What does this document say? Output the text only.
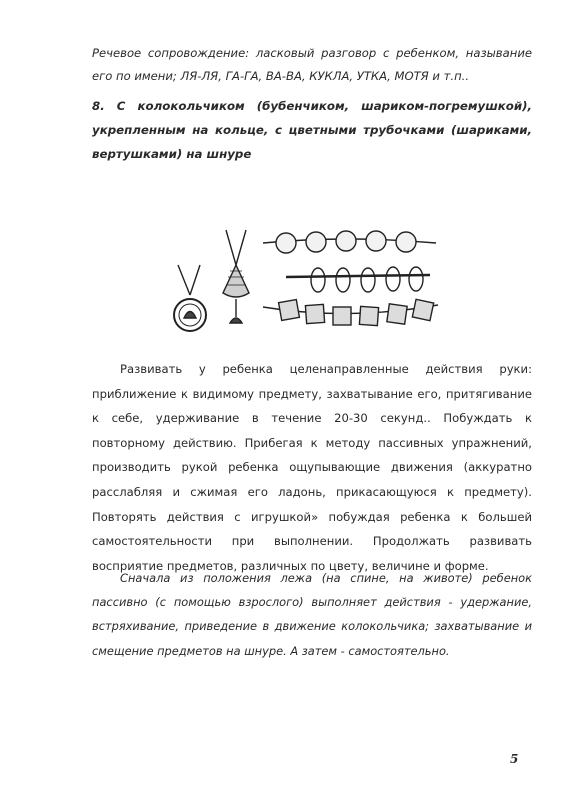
Речевое сопровождение: ласковый разговор с ребенком, называние его по имени; ЛЯ-ЛЯ, ГА-ГА, ВА-ВА, КУКЛА, УТКА, МОТЯ и т.п..
8. С колокольчиком (бубенчиком, шариком-погремушкой), укрепленным на кольце, с цветными трубочками (шариками, вертушками) на шнуре

Развивать у ребенка целенаправленные действия руки: приближение к видимому предмету, захватывание его, притягивание к себе, удерживание в течение 20-30 секунд.. Побуждать к повторному действию. Прибегая к методу пассивных упражнений, производить рукой ребенка ощупывающие движения (аккуратно расслабляя и сжимая его ладонь, прикасающуюся к предмету). Повторять действия с игрушкой» побуждая ребенка к большей самостоятельности при выполнении. Продолжать развивать восприятие предметов, различных по цвету, величине и форме.

Сначала из положения лежа (на спине, на животе) ребенок пассивно (с помощью взрослого) выполняет действия - удержание, встряхивание, приведение в движение колокольчика; захватывание и смещение предметов на шнуре. А затем - самостоятельно.

5
